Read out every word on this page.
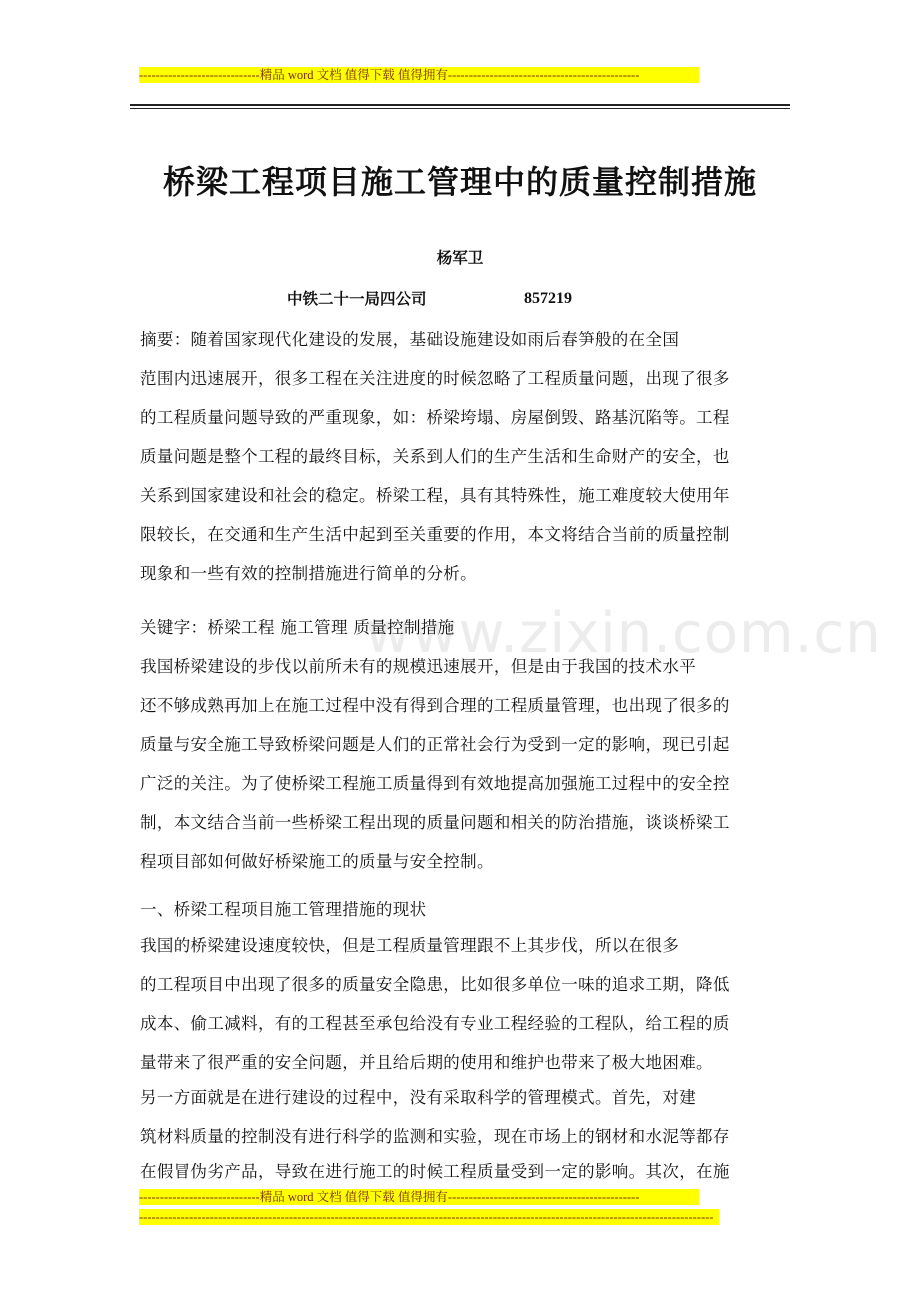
-----------------------------精品 word 文档 值得下载 值得拥有----------------------------------------------
桥梁工程项目施工管理中的质量控制措施
杨军卫
中铁二十一局四公司	857219
www.zixin.com.cn
摘要：随着国家现代化建设的发展，基础设施建设如雨后春笋般的在全国
范围内迅速展开，很多工程在关注进度的时候忽略了工程质量问题，出现了很多
的工程质量问题导致的严重现象，如：桥梁垮塌、房屋倒毁、路基沉陷等。工程
质量问题是整个工程的最终目标，关系到人们的生产生活和生命财产的安全，也
关系到国家建设和社会的稳定。桥梁工程，具有其特殊性，施工难度较大使用年
限较长，在交通和生产生活中起到至关重要的作用，本文将结合当前的质量控制
现象和一些有效的控制措施进行简单的分析。
关键字：桥梁工程 施工管理 质量控制措施
我国桥梁建设的步伐以前所未有的规模迅速展开，但是由于我国的技术水平
还不够成熟再加上在施工过程中没有得到合理的工程质量管理，也出现了很多的
质量与安全施工导致桥梁问题是人们的正常社会行为受到一定的影响，现已引起
广泛的关注。为了使桥梁工程施工质量得到有效地提高加强施工过程中的安全控
制，本文结合当前一些桥梁工程出现的质量问题和相关的防治措施，谈谈桥梁工
程项目部如何做好桥梁施工的质量与安全控制。
一、桥梁工程项目施工管理措施的现状
我国的桥梁建设速度较快，但是工程质量管理跟不上其步伐，所以在很多
的工程项目中出现了很多的质量安全隐患，比如很多单位一味的追求工期，降低
成本、偷工减料，有的工程甚至承包给没有专业工程经验的工程队，给工程的质
量带来了很严重的安全问题，并且给后期的使用和维护也带来了极大地困难。
另一方面就是在进行建设的过程中，没有采取科学的管理模式。首先，对建
筑材料质量的控制没有进行科学的监测和实验，现在市场上的钢材和水泥等都存
在假冒伪劣产品，导致在进行施工的时候工程质量受到一定的影响。其次，在施
-----------------------------精品 word 文档 值得下载 值得拥有----------------------------------------------
------------------------------------------------------------------------------------------------------------------------------------------
